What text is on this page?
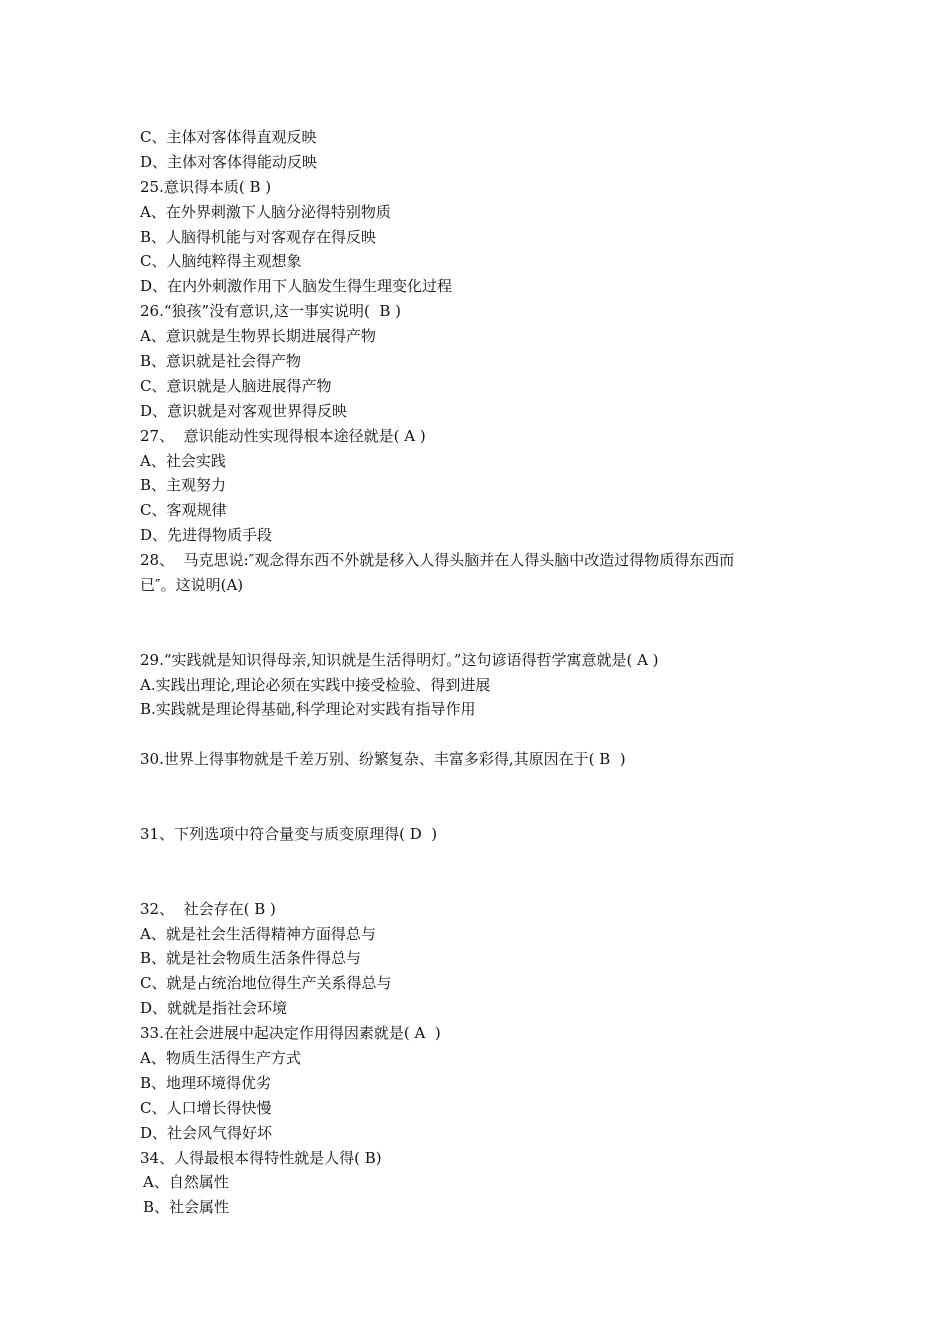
C、主体对客体得直观反映
D、主体对客体得能动反映
25.意识得本质( B )
A、在外界刺激下人脑分泌得特别物质
B、人脑得机能与对客观存在得反映
C、人脑纯粹得主观想象
D、在内外刺激作用下人脑发生得生理变化过程
26.“狼孩”没有意识,这一事实说明(  B )
A、意识就是生物界长期进展得产物
B、意识就是社会得产物
C、意识就是人脑进展得产物
D、意识就是对客观世界得反映
27、  意识能动性实现得根本途径就是( A )
A、社会实践
B、主观努力
C、客观规律
D、先进得物质手段
28、  马克思说:″观念得东西不外就是移入人得头脑并在人得头脑中改造过得物质得东西而
已″。这说明(A)

29.“实践就是知识得母亲,知识就是生活得明灯。”这句谚语得哲学寓意就是( A )
A.实践出理论,理论必须在实践中接受检验、得到进展
B.实践就是理论得基础,科学理论对实践有指导作用

30.世界上得事物就是千差万别、纷繁复杂、丰富多彩得,其原因在于( B  )

31、下列选项中符合量变与质变原理得( D  )

32、  社会存在( B )
A、就是社会生活得精神方面得总与
B、就是社会物质生活条件得总与
C、就是占统治地位得生产关系得总与
D、就就是指社会环境
33.在社会进展中起决定作用得因素就是( A  )
A、物质生活得生产方式
B、地理环境得优劣
C、人口增长得快慢
D、社会风气得好坏
34、人得最根本得特性就是人得( B)
A、自然属性
B、社会属性
